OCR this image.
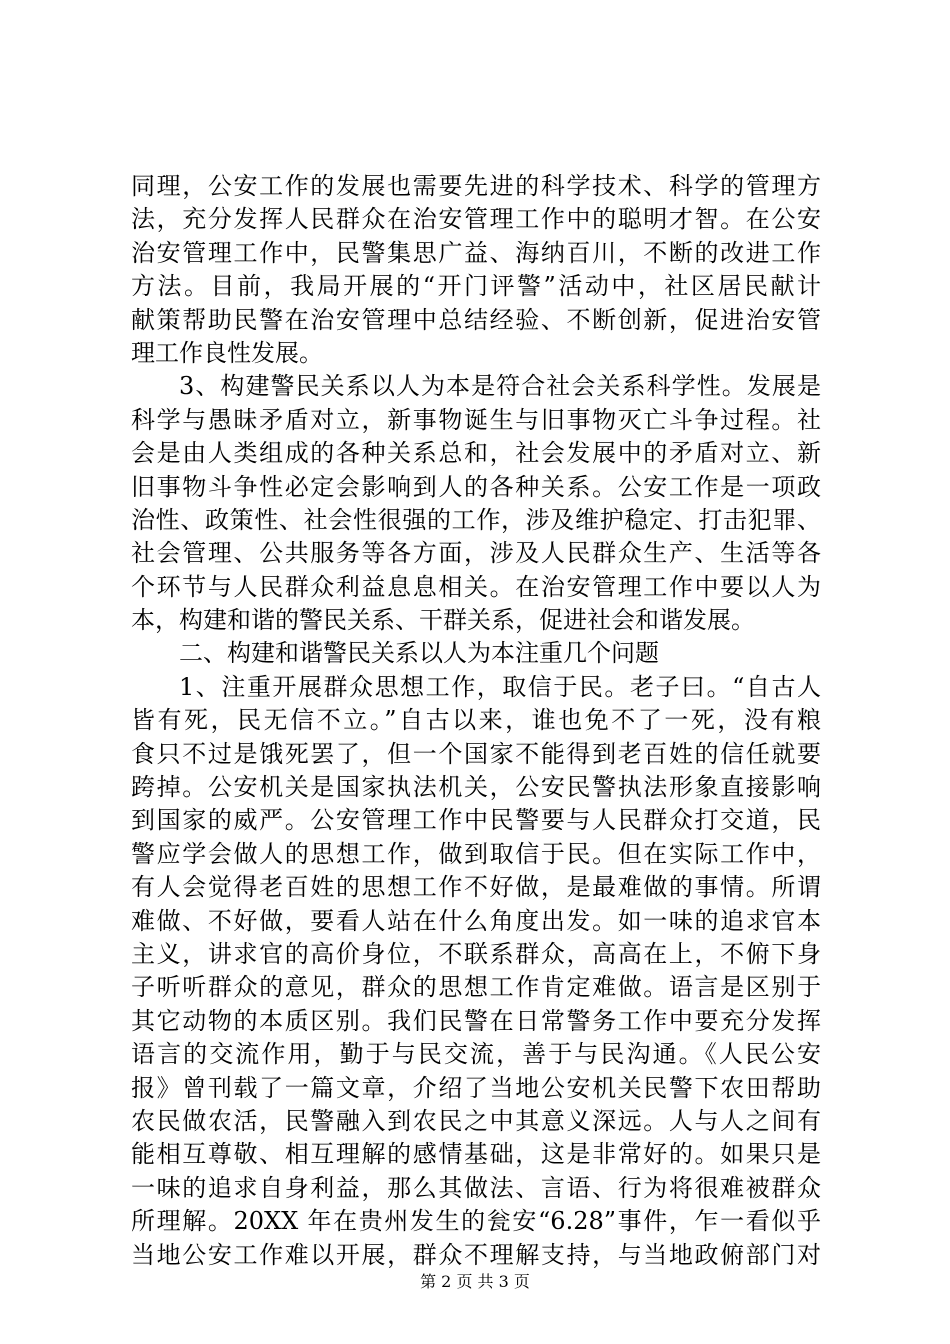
同理，公安工作的发展也需要先进的科学技术、科学的管理方
法，充分发挥人民群众在治安管理工作中的聪明才智。在公安
治安管理工作中，民警集思广益、海纳百川，不断的改进工作
方法。目前，我局开展的“开门评警”活动中，社区居民献计
献策帮助民警在治安管理中总结经验、不断创新，促进治安管
理工作良性发展。
3、构建警民关系以人为本是符合社会关系科学性。发展是
科学与愚昧矛盾对立，新事物诞生与旧事物灭亡斗争过程。社
会是由人类组成的各种关系总和，社会发展中的矛盾对立、新
旧事物斗争性必定会影响到人的各种关系。公安工作是一项政
治性、政策性、社会性很强的工作，涉及维护稳定、打击犯罪、
社会管理、公共服务等各方面，涉及人民群众生产、生活等各
个环节与人民群众利益息息相关。在治安管理工作中要以人为
本，构建和谐的警民关系、干群关系，促进社会和谐发展。
二、构建和谐警民关系以人为本注重几个问题
1、注重开展群众思想工作，取信于民。老子曰。“自古人
皆有死，民无信不立。”自古以来，谁也免不了一死，没有粮
食只不过是饿死罢了，但一个国家不能得到老百姓的信任就要
跨掉。公安机关是国家执法机关，公安民警执法形象直接影响
到国家的威严。公安管理工作中民警要与人民群众打交道，民
警应学会做人的思想工作，做到取信于民。但在实际工作中，
有人会觉得老百姓的思想工作不好做，是最难做的事情。所谓
难做、不好做，要看人站在什么角度出发。如一味的追求官本
主义，讲求官的高价身位，不联系群众，高高在上，不俯下身
子听听群众的意见，群众的思想工作肯定难做。语言是区别于
其它动物的本质区别。我们民警在日常警务工作中要充分发挥
语言的交流作用，勤于与民交流，善于与民沟通。《人民公安
报》曾刊载了一篇文章，介绍了当地公安机关民警下农田帮助
农民做农活，民警融入到农民之中其意义深远。人与人之间有
能相互尊敬、相互理解的感情基础，这是非常好的。如果只是
一味的追求自身利益，那么其做法、言语、行为将很难被群众
所理解。20XX 年在贵州发生的瓮安“6.28”事件，乍一看似乎
当地公安工作难以开展，群众不理解支持，与当地政俯部门对
第 2 页 共 3 页
